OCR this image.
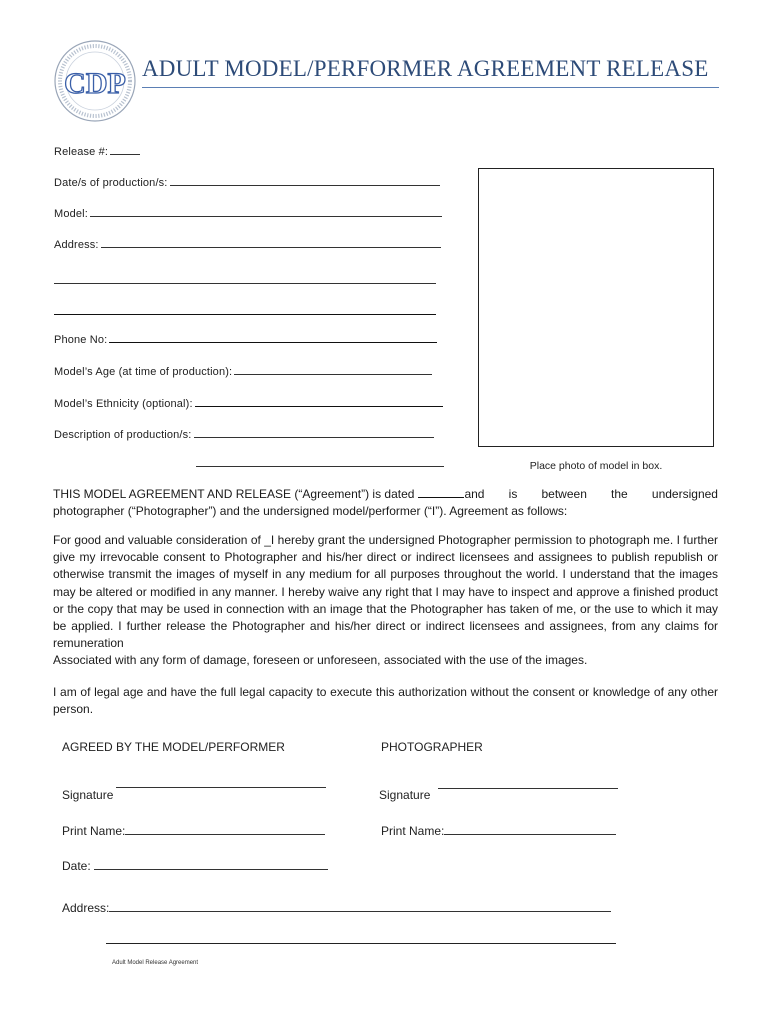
CDP ADULT MODEL/PERFORMER AGREEMENT RELEASE
Release #:
Date/s of production/s:
Model:
Address:
Phone No:
Model’s Age (at time of production):
Model’s Ethnicity (optional):
Description of production/s:
Place photo of model in box.
THIS MODEL AGREEMENT AND RELEASE (“Agreement”) is dated	and is between the undersigned
photographer (“Photographer”) and the undersigned model/performer (“I”). Agreement as follows:

For good and valuable consideration of _I hereby grant the undersigned Photographer permission to photograph me. I further give my irrevocable consent to Photographer and his/her direct or indirect licensees and assignees to publish republish or otherwise transmit the images of myself in any medium for all purposes throughout the world. I understand that the images may be altered or modified in any manner. I hereby waive any right that I may have to inspect and approve a finished product or the copy that may be used in connection with an image that the Photographer has taken of me, or the use to which it may be applied. I further release the Photographer and his/her direct or indirect licensees and assignees, from any claims for remuneration

Associated with any form of damage, foreseen or unforeseen, associated with the use of the images.

I am of legal age and have the full legal capacity to execute this authorization without the consent or knowledge of any other person.
AGREED BY THE MODEL/PERFORMER	PHOTOGRAPHER
Signature	Signature
Print Name:	Print Name:
Date:
Address:
Adult Model Release Agreement
